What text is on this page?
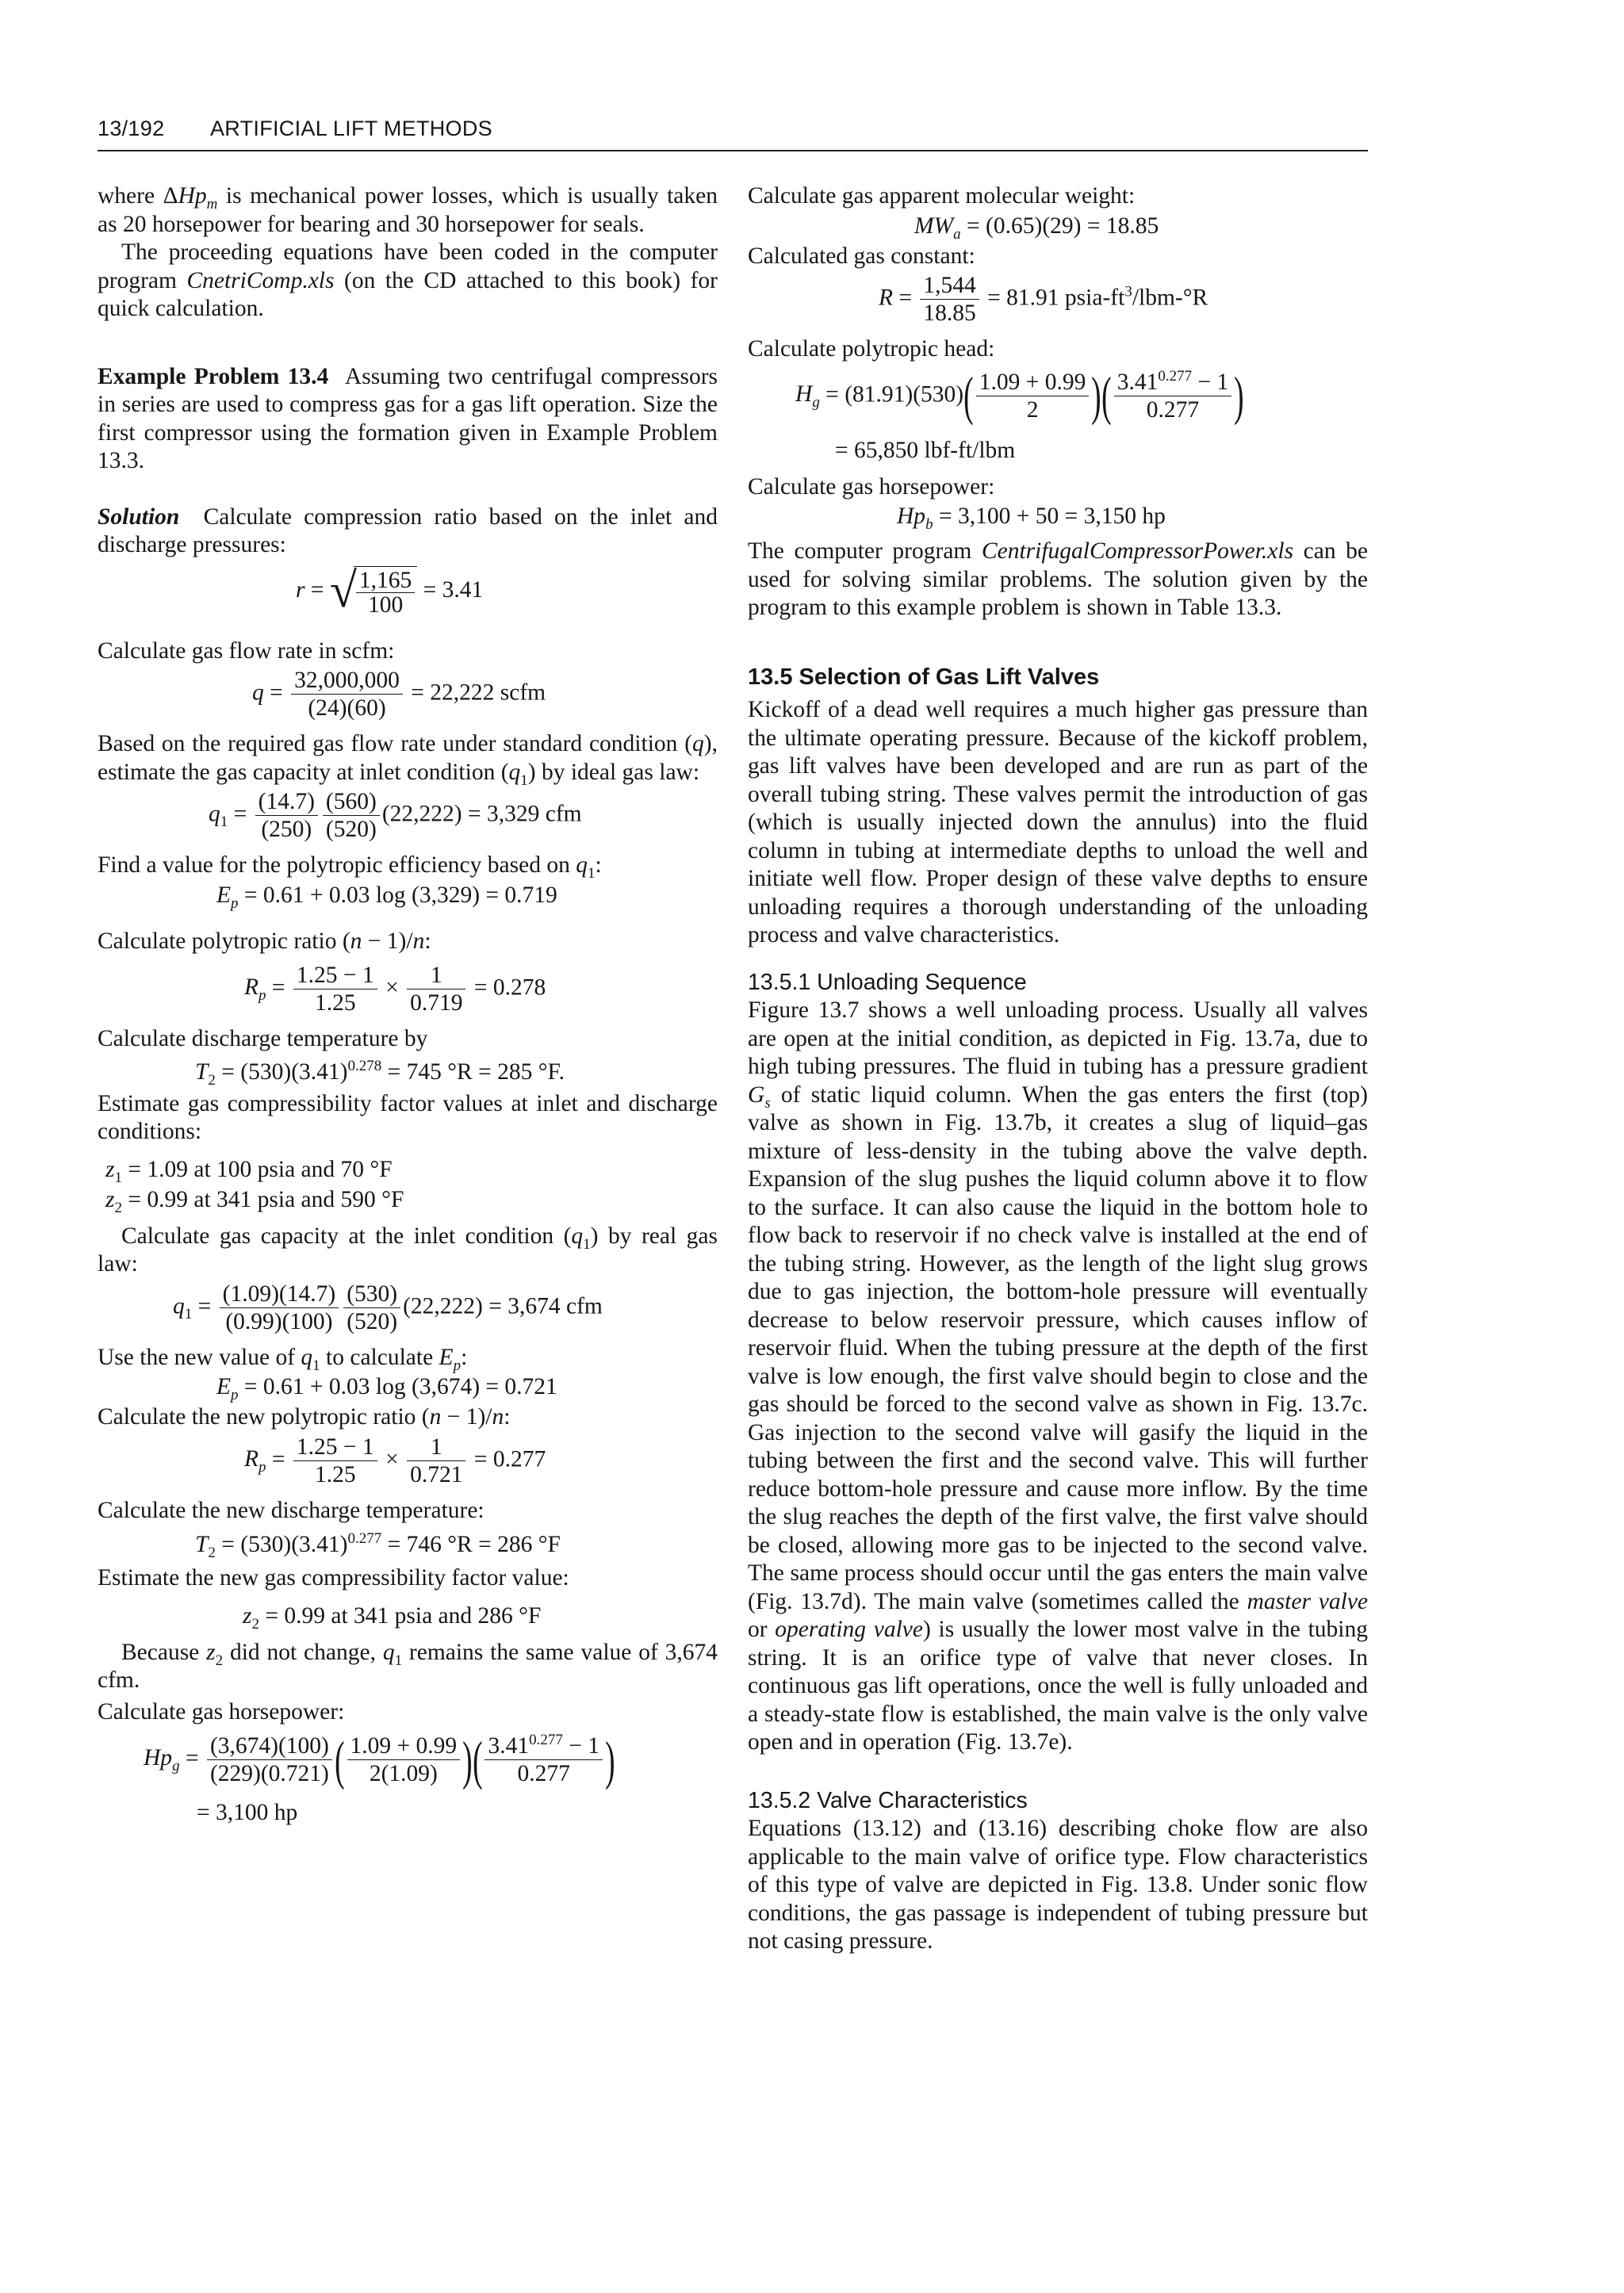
13/192 ARTIFICIAL LIFT METHODS

where ΔHp$_m$ is mechanical power losses, which is usually taken as 20 horsepower for bearing and 30 horsepower for seals.

The proceeding equations have been coded in the computer program CnetriComp.xls (on the CD attached to this book) for quick calculation.

Example Problem 13.4 Assuming two centrifugal compressors in series are used to compress gas for a gas lift operation. Size the first compressor using the formation given in Example Problem 13.3.

Solution Calculate compression ratio based on the inlet and discharge pressures:

r = √
$\frac{1,165}{100} = 3.41$

Calculate gas flow rate in scfm:

$q = \frac{32,000,000}{(24)(60)} = 22,222$ scfm

Based on the required gas flow rate under standard condition (q), estimate the gas capacity at inlet condition $(q_1)$ by ideal gas law:

$q_1 = \frac{(14.7)}{(250)} \frac{(560)}{(520)} (22,222) = 3,329$ cfm

Find a value for the polytropic efficiency based on $q_1$:

$E_p = 0.61 + 0.03$ log (3,329) = 0.719

Calculate polytropic ratio (n − 1)/n:

$R_p = \frac{1.25 - 1}{1.25} \times \frac{1}{0.719} = 0.278$

Calculate discharge temperature by

$T_2 = (530)(3.41)^{0.278} = 745$ °R = 285 °F.

Estimate gas compressibility factor values at inlet and discharge conditions:

$z_1 = 1.09$ at 100 psia and 70 °F
$z_2 = 0.99$ at 341 psia and 590 °F

Calculate gas capacity at the inlet condition $(q_1)$ by real gas law:

$q_1 = \frac{(1.09)(14.7)}{(0.99)(100)} \frac{(530)}{(520)} (22,222) = 3,674$ cfm

Use the new value of $q_1$ to calculate $E_p$:

$E_p = 0.61 + 0.03$ log (3,674) = 0.721

Calculate the new polytropic ratio (n − 1)/n:

$R_p = \frac{1.25 - 1}{1.25} \times \frac{1}{0.721} = 0.277$

Calculate the new discharge temperature:

$T_2 = (530)(3.41)^{0.277} = 746$ °R = 286 °F

Estimate the new gas compressibility factor value:

$z_2 = 0.99$ at 341 psia and 286 °F

Because $z_2$ did not change, $q_1$ remains the same value of 3,674 cfm.

Calculate gas horsepower:

$Hp_g = \frac{(3,674)(100)}{(229)(0.721)}$ ( $\frac{1.09 + 0.99}{2(1.09)}$ )( $\frac{3.41^{0.277} - 1}{0.277}$ )
= 3,100 hp

Calculate gas apparent molecular weight:

$MW_a = (0.65)(29) = 18.85$

Calculated gas constant:

$R = \frac{1,544}{18.85} = 81.91$ psia-$ft^3/lbm-^\circ R$

Calculate polytropic head:

$H_g = (81.91)(530)( \frac{1.09 + 0.99}{2}$ )( $\frac{3.41^{0.277} - 1}{0.277}$ )
= 65,850 lbf-ft/lbm

Calculate gas horsepower:

$Hp_b = 3,100 + 50 = 3,150$ hp

The computer program CentrifugalCompressorPower.xls can be used for solving similar problems. The solution given by the program to this example problem is shown in Table 13.3.

13.5 Selection of Gas Lift Valves

Kickoff of a dead well requires a much higher gas pressure than the ultimate operating pressure. Because of the kickoff problem, gas lift valves have been developed and are run as part of the overall tubing string. These valves permit the introduction of gas (which is usually injected down the annulus) into the fluid column in tubing at intermediate depths to unload the well and initiate well flow. Proper design of these valve depths to ensure unloading requires a thorough understanding of the unloading process and valve characteristics.

13.5.1 Unloading Sequence

Figure 13.7 shows a well unloading process. Usually all valves are open at the initial condition, as depicted in Fig. 13.7a, due to high tubing pressures. The fluid in tubing has a pressure gradient $G_s$ of static liquid column. When the gas enters the first (top) valve as shown in Fig. 13.7b, it creates a slug of liquid–gas mixture of less-density in the tubing above the valve depth. Expansion of the slug pushes the liquid column above it to flow to the surface. It can also cause the liquid in the bottom hole to flow back to reservoir if no check valve is installed at the end of the tubing string. However, as the length of the light slug grows due to gas injection, the bottom-hole pressure will eventually decrease to below reservoir pressure, which causes inflow of reservoir fluid. When the tubing pressure at the depth of the first valve is low enough, the first valve should begin to close and the gas should be forced to the second valve as shown in Fig. 13.7c. Gas injection to the second valve will gasify the liquid in the tubing between the first and the second valve. This will further reduce bottom-hole pressure and cause more inflow. By the time the slug reaches the depth of the first valve, the first valve should be closed, allowing more gas to be injected to the second valve. The same process should occur until the gas enters the main valve (Fig. 13.7d). The main valve (sometimes called the master valve or operating valve) is usually the lower most valve in the tubing string. It is an orifice type of valve that never closes. In continuous gas lift operations, once the well is fully unloaded and a steady-state flow is established, the main valve is the only valve open and in operation (Fig. 13.7e).

13.5.2 Valve Characteristics

Equations (13.12) and (13.16) describing choke flow are also applicable to the main valve of orifice type. Flow characteristics of this type of valve are depicted in Fig. 13.8. Under sonic flow conditions, the gas passage is independent of tubing pressure but not casing pressure.
